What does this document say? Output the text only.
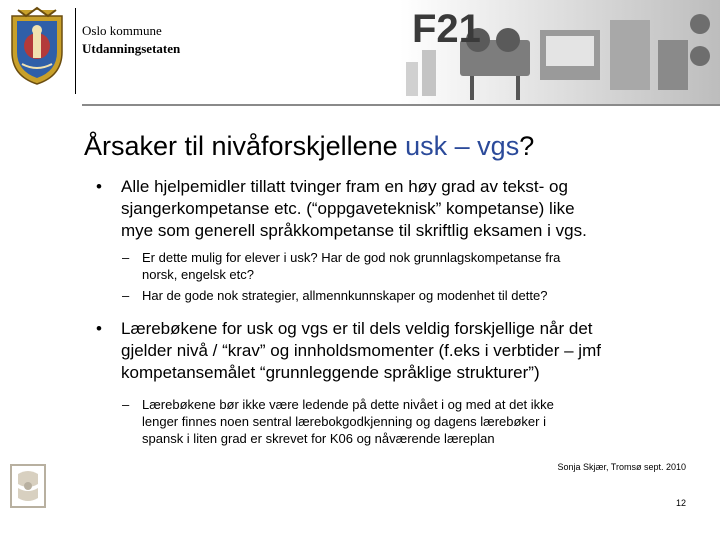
Oslo kommune
Utdanningsetaten	F21
Årsaker til nivåforskjellene usk – vgs?
• Alle hjelpemidler tillatt tvinger fram en høy grad av tekst- og
sjangerkompetanse etc. (“oppgaveteknisk” kompetanse) like
mye som generell språkkompetanse til skriftlig eksamen i vgs.
– Er dette mulig for elever i usk? Har de god nok grunnlagskompetanse fra
norsk, engelsk etc?
– Har de gode nok strategier, allmennkunnskaper og modenhet til dette?
• Lærebøkene for usk og vgs er til dels veldig forskjellige når det
gjelder nivå / “krav” og innholdsmomenter (f.eks i verbtider – jmf
kompetansemålet “grunnleggende språklige strukturer”)
– Lærebøkene bør ikke være ledende på dette nivået i og med at det ikke
lenger finnes noen sentral lærebokgodkjenning og dagens lærebøker i
spansk i liten grad er skrevet for K06 og nåværende læreplan
Sonja Skjær, Tromsø sept. 2010
12
